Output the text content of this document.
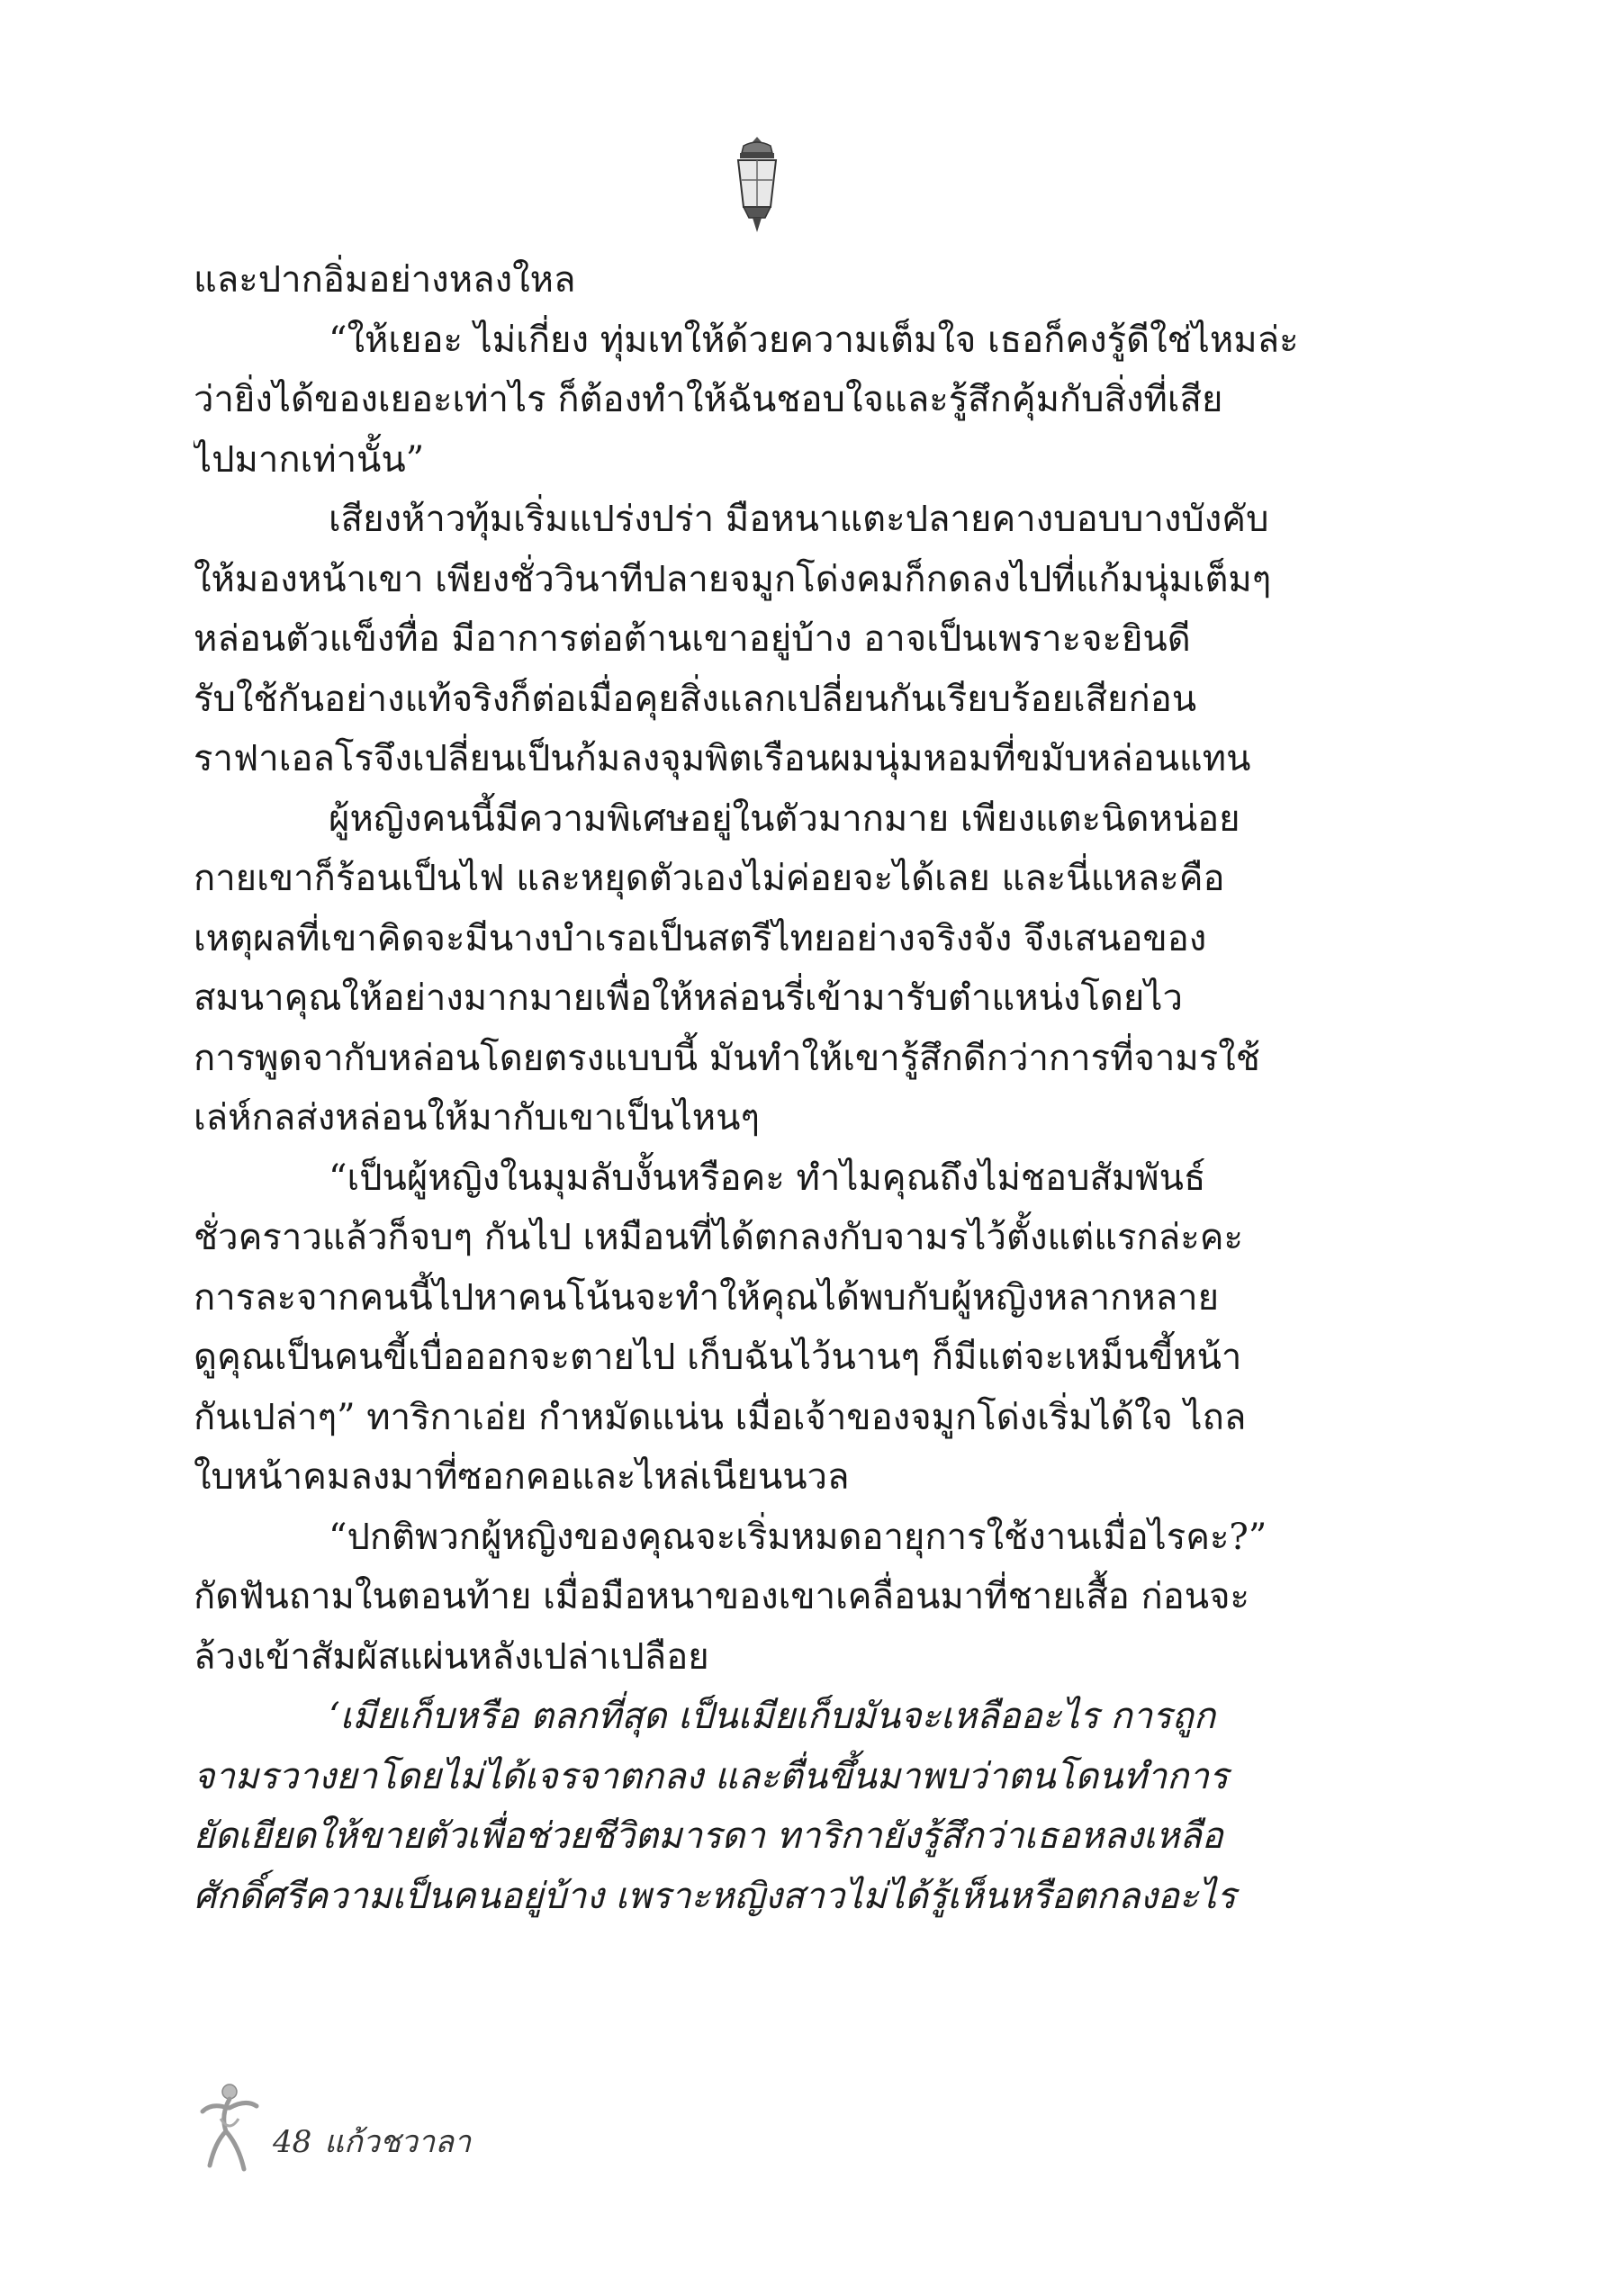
และปากอิ่มอย่างหลงใหล
“ให้เยอะ ไม่เกี่ยง ทุ่มเทให้ด้วยความเต็มใจ เธอก็คงรู้ดีใช่ไหมล่ะ
ว่ายิ่งได้ของเยอะเท่าไร ก็ต้องทำให้ฉันชอบใจและรู้สึกคุ้มกับสิ่งที่เสีย
ไปมากเท่านั้น”
เสียงห้าวทุ้มเริ่มแปร่งปร่า มือหนาแตะปลายคางบอบบางบังคับ
ให้มองหน้าเขา เพียงชั่ววินาทีปลายจมูกโด่งคมก็กดลงไปที่แก้มนุ่มเต็มๆ
หล่อนตัวแข็งทื่อ มีอาการต่อต้านเขาอยู่บ้าง อาจเป็นเพราะจะยินดี
รับใช้กันอย่างแท้จริงก็ต่อเมื่อคุยสิ่งแลกเปลี่ยนกันเรียบร้อยเสียก่อน
ราฟาเอลโรจึงเปลี่ยนเป็นก้มลงจุมพิตเรือนผมนุ่มหอมที่ขมับหล่อนแทน
ผู้หญิงคนนี้มีความพิเศษอยู่ในตัวมากมาย เพียงแตะนิดหน่อย
กายเขาก็ร้อนเป็นไฟ และหยุดตัวเองไม่ค่อยจะได้เลย และนี่แหละคือ
เหตุผลที่เขาคิดจะมีนางบำเรอเป็นสตรีไทยอย่างจริงจัง จึงเสนอของ
สมนาคุณให้อย่างมากมายเพื่อให้หล่อนรี่เข้ามารับตำแหน่งโดยไว
การพูดจากับหล่อนโดยตรงแบบนี้ มันทำให้เขารู้สึกดีกว่าการที่จามรใช้
เล่ห์กลส่งหล่อนให้มากับเขาเป็นไหนๆ
“เป็นผู้หญิงในมุมลับงั้นหรือคะ ทำไมคุณถึงไม่ชอบสัมพันธ์
ชั่วคราวแล้วก็จบๆ กันไป เหมือนที่ได้ตกลงกับจามรไว้ตั้งแต่แรกล่ะคะ
การละจากคนนี้ไปหาคนโน้นจะทำให้คุณได้พบกับผู้หญิงหลากหลาย
ดูคุณเป็นคนขี้เบื่อออกจะตายไป เก็บฉันไว้นานๆ ก็มีแต่จะเหม็นขี้หน้า
กันเปล่าๆ” ทาริกาเอ่ย กำหมัดแน่น เมื่อเจ้าของจมูกโด่งเริ่มได้ใจ ไถล
ใบหน้าคมลงมาที่ซอกคอและไหล่เนียนนวล
“ปกติพวกผู้หญิงของคุณจะเริ่มหมดอายุการใช้งานเมื่อไรคะ?”
กัดฟันถามในตอนท้าย เมื่อมือหนาของเขาเคลื่อนมาที่ชายเสื้อ ก่อนจะ
ล้วงเข้าสัมผัสแผ่นหลังเปล่าเปลือย
‘เมียเก็บหรือ ตลกที่สุด เป็นเมียเก็บมันจะเหลืออะไร การถูก
จามรวางยาโดยไม่ได้เจรจาตกลง และตื่นขึ้นมาพบว่าตนโดนทำการ
ยัดเยียดให้ขายตัวเพื่อช่วยชีวิตมารดา ทาริกายังรู้สึกว่าเธอหลงเหลือ
ศักดิ์ศรีความเป็นคนอยู่บ้าง เพราะหญิงสาวไม่ได้รู้เห็นหรือตกลงอะไร
48 แก้วชวาลา
